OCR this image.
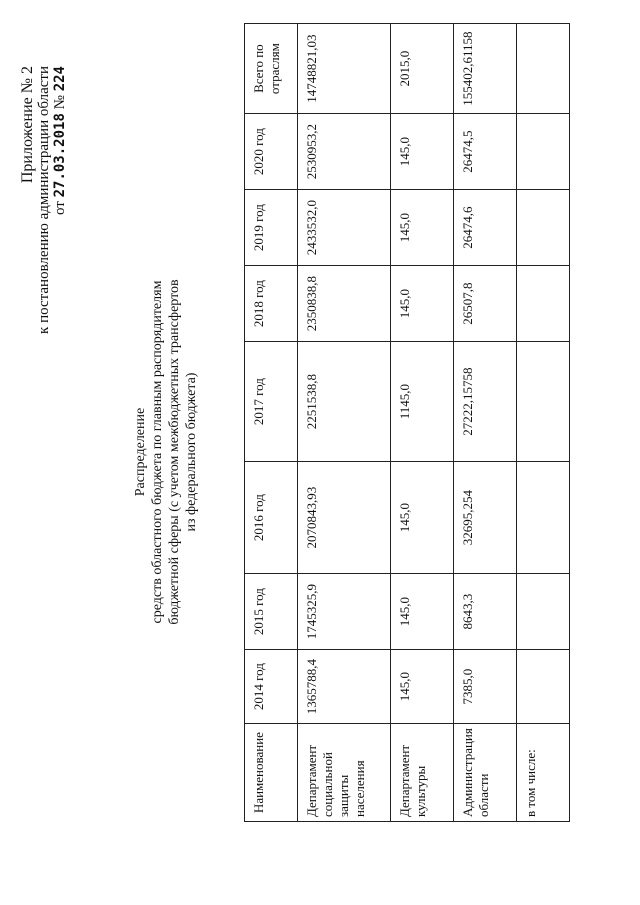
Приложение № 2 к постановлению администрации области от 27.03.2018 № 224
Распределение средств областного бюджета по главным распорядителям бюджетной сферы (с учетом межбюджетных трансфертов из федерального бюджета)
Наименование	2014 год	2015 год	2016 год	2017 год	2018 год	2019 год	2020 год	Всего по отраслям
Департамент социальной защиты населения	1365788,4	1745325,9	2070843,93	2251538,8	2350838,8	2433532,0	2530953,2	14748821,03
Департамент культуры	145,0	145,0	145,0	1145,0	145,0	145,0	145,0	2015,0
Администрация области	7385,0	8643,3	32695,254	27222,15758	26507,8	26474,6	26474,5	155402,61158
в том числе:								
